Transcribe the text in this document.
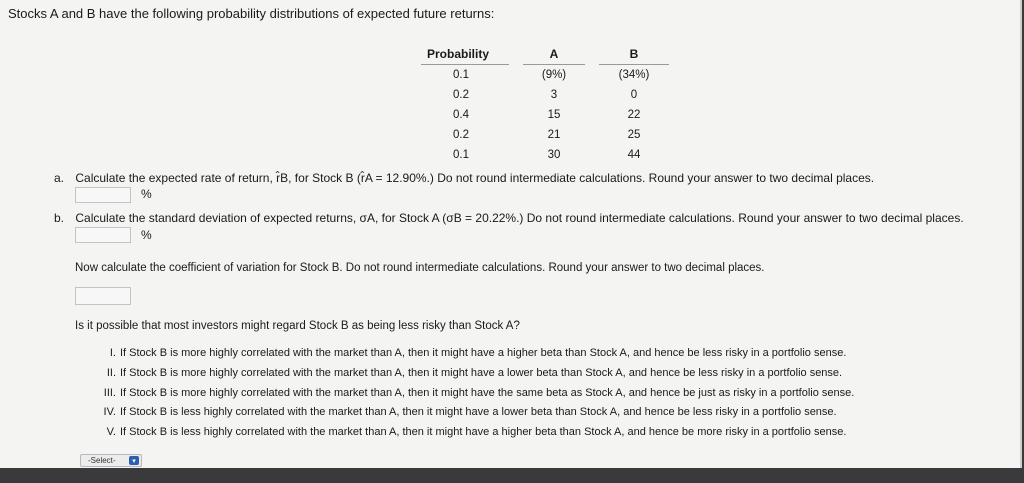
Stocks A and B have the following probability distributions of expected future returns:
Probability		A		B
0.1		(9%)		(34%)
0.2		3		0
0.4		15		22
0.2		21		25
0.1		30		44
a. Calculate the expected rate of return, r̂B, for Stock B (r̂A = 12.90%.) Do not round intermediate calculations. Round your answer to two decimal places.
%
b. Calculate the standard deviation of expected returns, σA, for Stock A (σB = 20.22%.) Do not round intermediate calculations. Round your answer to two decimal places.
%
Now calculate the coefficient of variation for Stock B. Do not round intermediate calculations. Round your answer to two decimal places.
Is it possible that most investors might regard Stock B as being less risky than Stock A?
I. If Stock B is more highly correlated with the market than A, then it might have a higher beta than Stock A, and hence be less risky in a portfolio sense.
II. If Stock B is more highly correlated with the market than A, then it might have a lower beta than Stock A, and hence be less risky in a portfolio sense.
III. If Stock B is more highly correlated with the market than A, then it might have the same beta as Stock A, and hence be just as risky in a portfolio sense.
IV. If Stock B is less highly correlated with the market than A, then it might have a lower beta than Stock A, and hence be less risky in a portfolio sense.
V. If Stock B is less highly correlated with the market than A, then it might have a higher beta than Stock A, and hence be more risky in a portfolio sense.
-Select-	▾
